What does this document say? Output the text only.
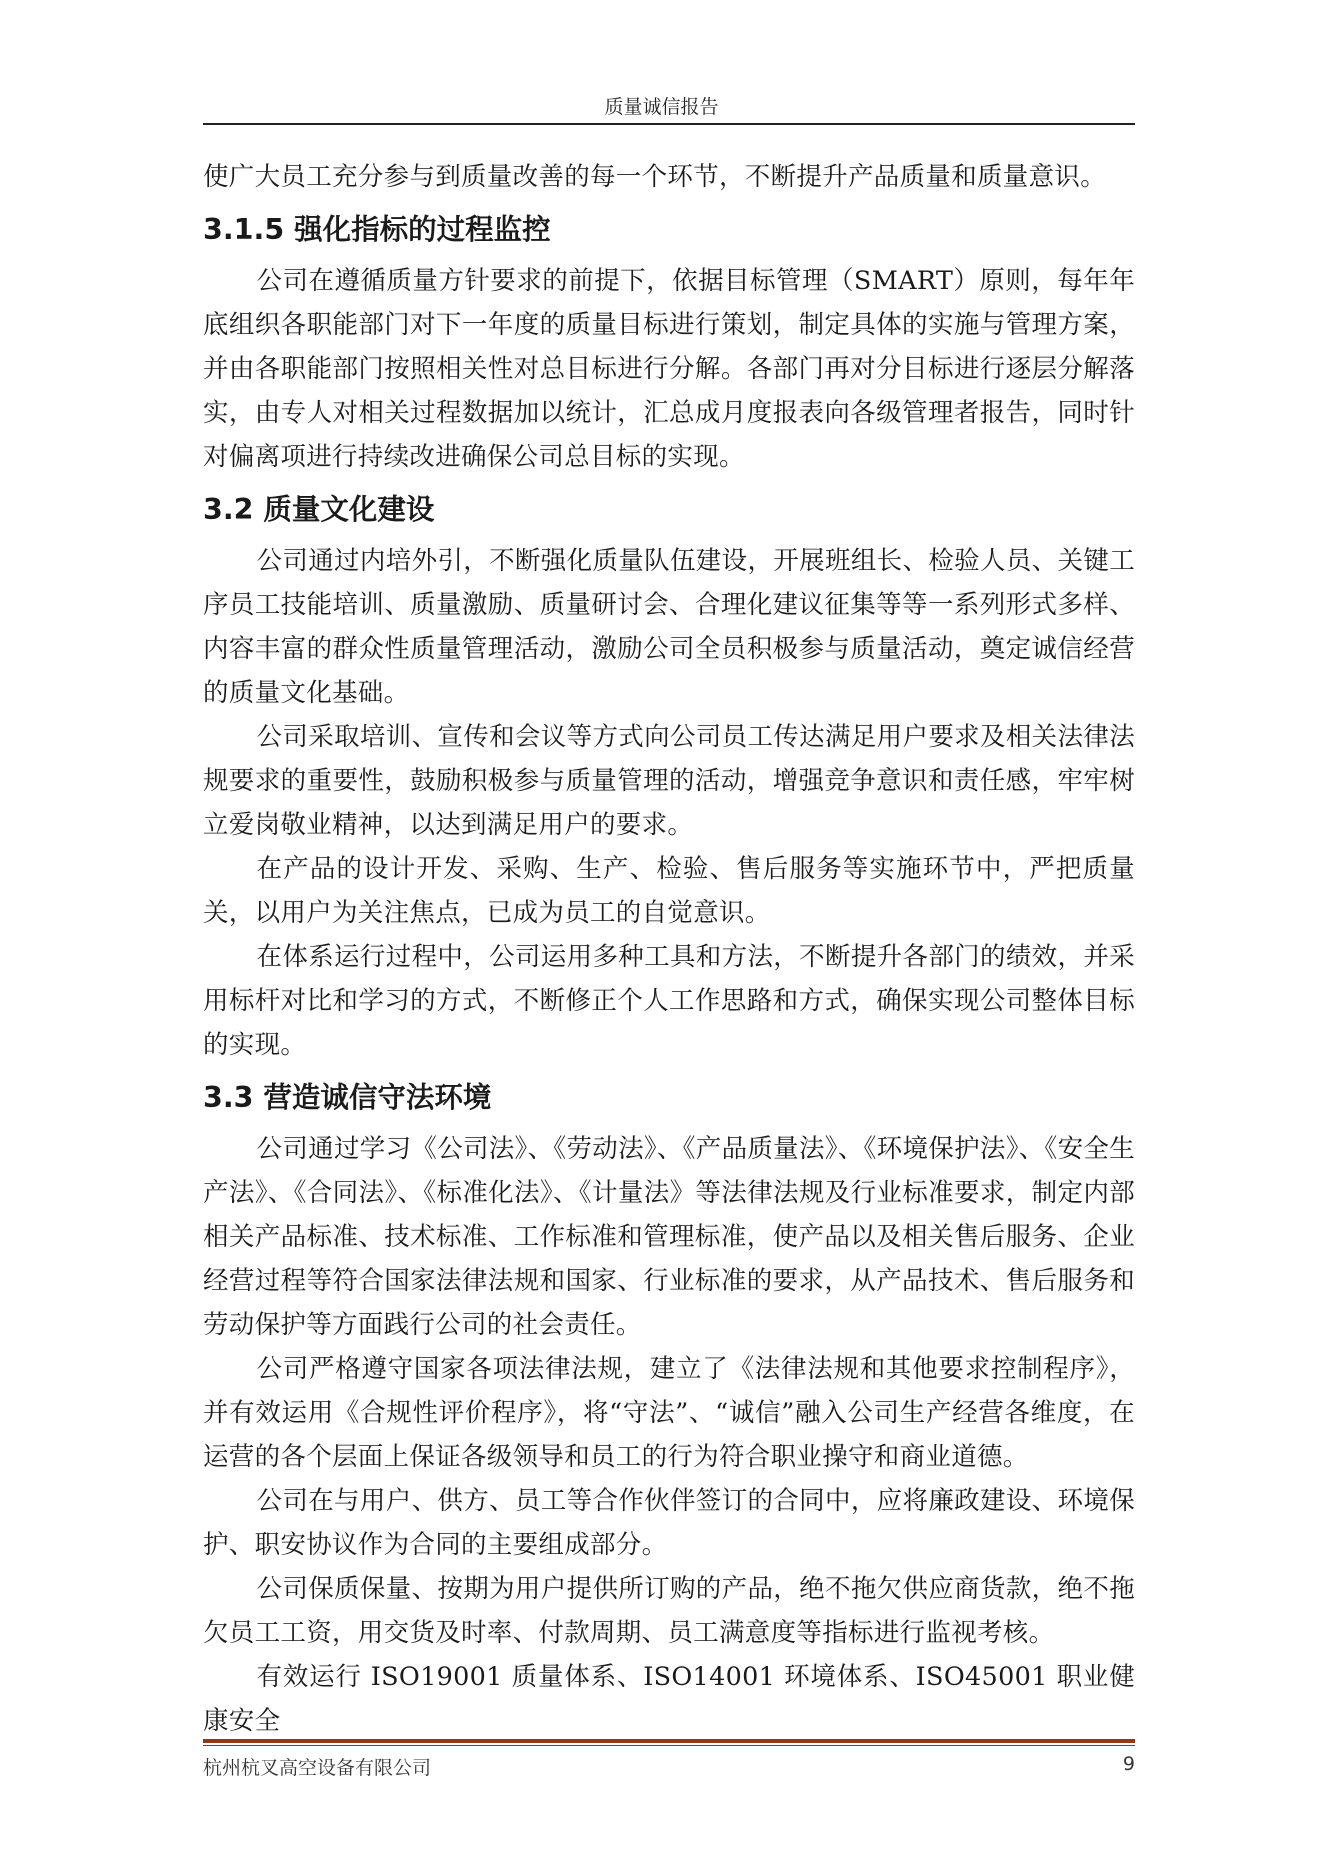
质量诚信报告

使广大员工充分参与到质量改善的每一个环节，不断提升产品质量和质量意识。

3.1.5 强化指标的过程监控

公司在遵循质量方针要求的前提下，依据目标管理（SMART）原则，每年年底组织各职能部门对下一年度的质量目标进行策划，制定具体的实施与管理方案，并由各职能部门按照相关性对总目标进行分解。各部门再对分目标进行逐层分解落实，由专人对相关过程数据加以统计，汇总成月度报表向各级管理者报告，同时针对偏离项进行持续改进确保公司总目标的实现。

3.2 质量文化建设

公司通过内培外引，不断强化质量队伍建设，开展班组长、检验人员、关键工序员工技能培训、质量激励、质量研讨会、合理化建议征集等等一系列形式多样、内容丰富的群众性质量管理活动，激励公司全员积极参与质量活动，奠定诚信经营的质量文化基础。

公司采取培训、宣传和会议等方式向公司员工传达满足用户要求及相关法律法规要求的重要性，鼓励积极参与质量管理的活动，增强竞争意识和责任感，牢牢树立爱岗敬业精神，以达到满足用户的要求。

在产品的设计开发、采购、生产、检验、售后服务等实施环节中，严把质量关，以用户为关注焦点，已成为员工的自觉意识。

在体系运行过程中，公司运用多种工具和方法，不断提升各部门的绩效，并采用标杆对比和学习的方式，不断修正个人工作思路和方式，确保实现公司整体目标的实现。

3.3 营造诚信守法环境

公司通过学习《公司法》、《劳动法》、《产品质量法》、《环境保护法》、《安全生产法》、《合同法》、《标准化法》、《计量法》等法律法规及行业标准要求，制定内部相关产品标准、技术标准、工作标准和管理标准，使产品以及相关售后服务、企业经营过程等符合国家法律法规和国家、行业标准的要求，从产品技术、售后服务和劳动保护等方面践行公司的社会责任。

公司严格遵守国家各项法律法规，建立了《法律法规和其他要求控制程序》，并有效运用《合规性评价程序》，将“守法”、“诚信”融入公司生产经营各维度，在运营的各个层面上保证各级领导和员工的行为符合职业操守和商业道德。

公司在与用户、供方、员工等合作伙伴签订的合同中，应将廉政建设、环境保护、职安协议作为合同的主要组成部分。

公司保质保量、按期为用户提供所订购的产品，绝不拖欠供应商货款，绝不拖欠员工工资，用交货及时率、付款周期、员工满意度等指标进行监视考核。

有效运行 ISO19001 质量体系、ISO14001 环境体系、ISO45001 职业健康安全

杭州杭叉高空设备有限公司	9
